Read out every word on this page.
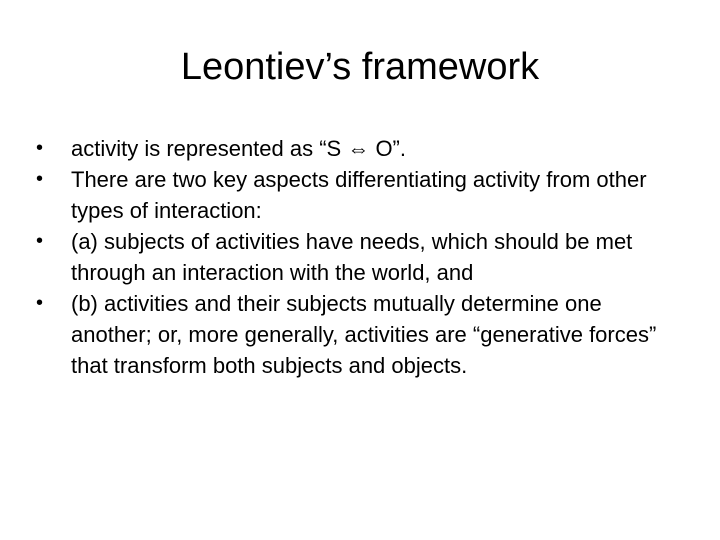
Leontiev’s framework
•	activity is represented as “S ⇔ O”.
•	There are two key aspects differentiating activity from other types of interaction:
•	(a) subjects of activities have needs, which should be met through an interaction with the world, and
•	(b) activities and their subjects mutually determine one another; or, more generally, activities are “generative forces” that transform both subjects and objects.
